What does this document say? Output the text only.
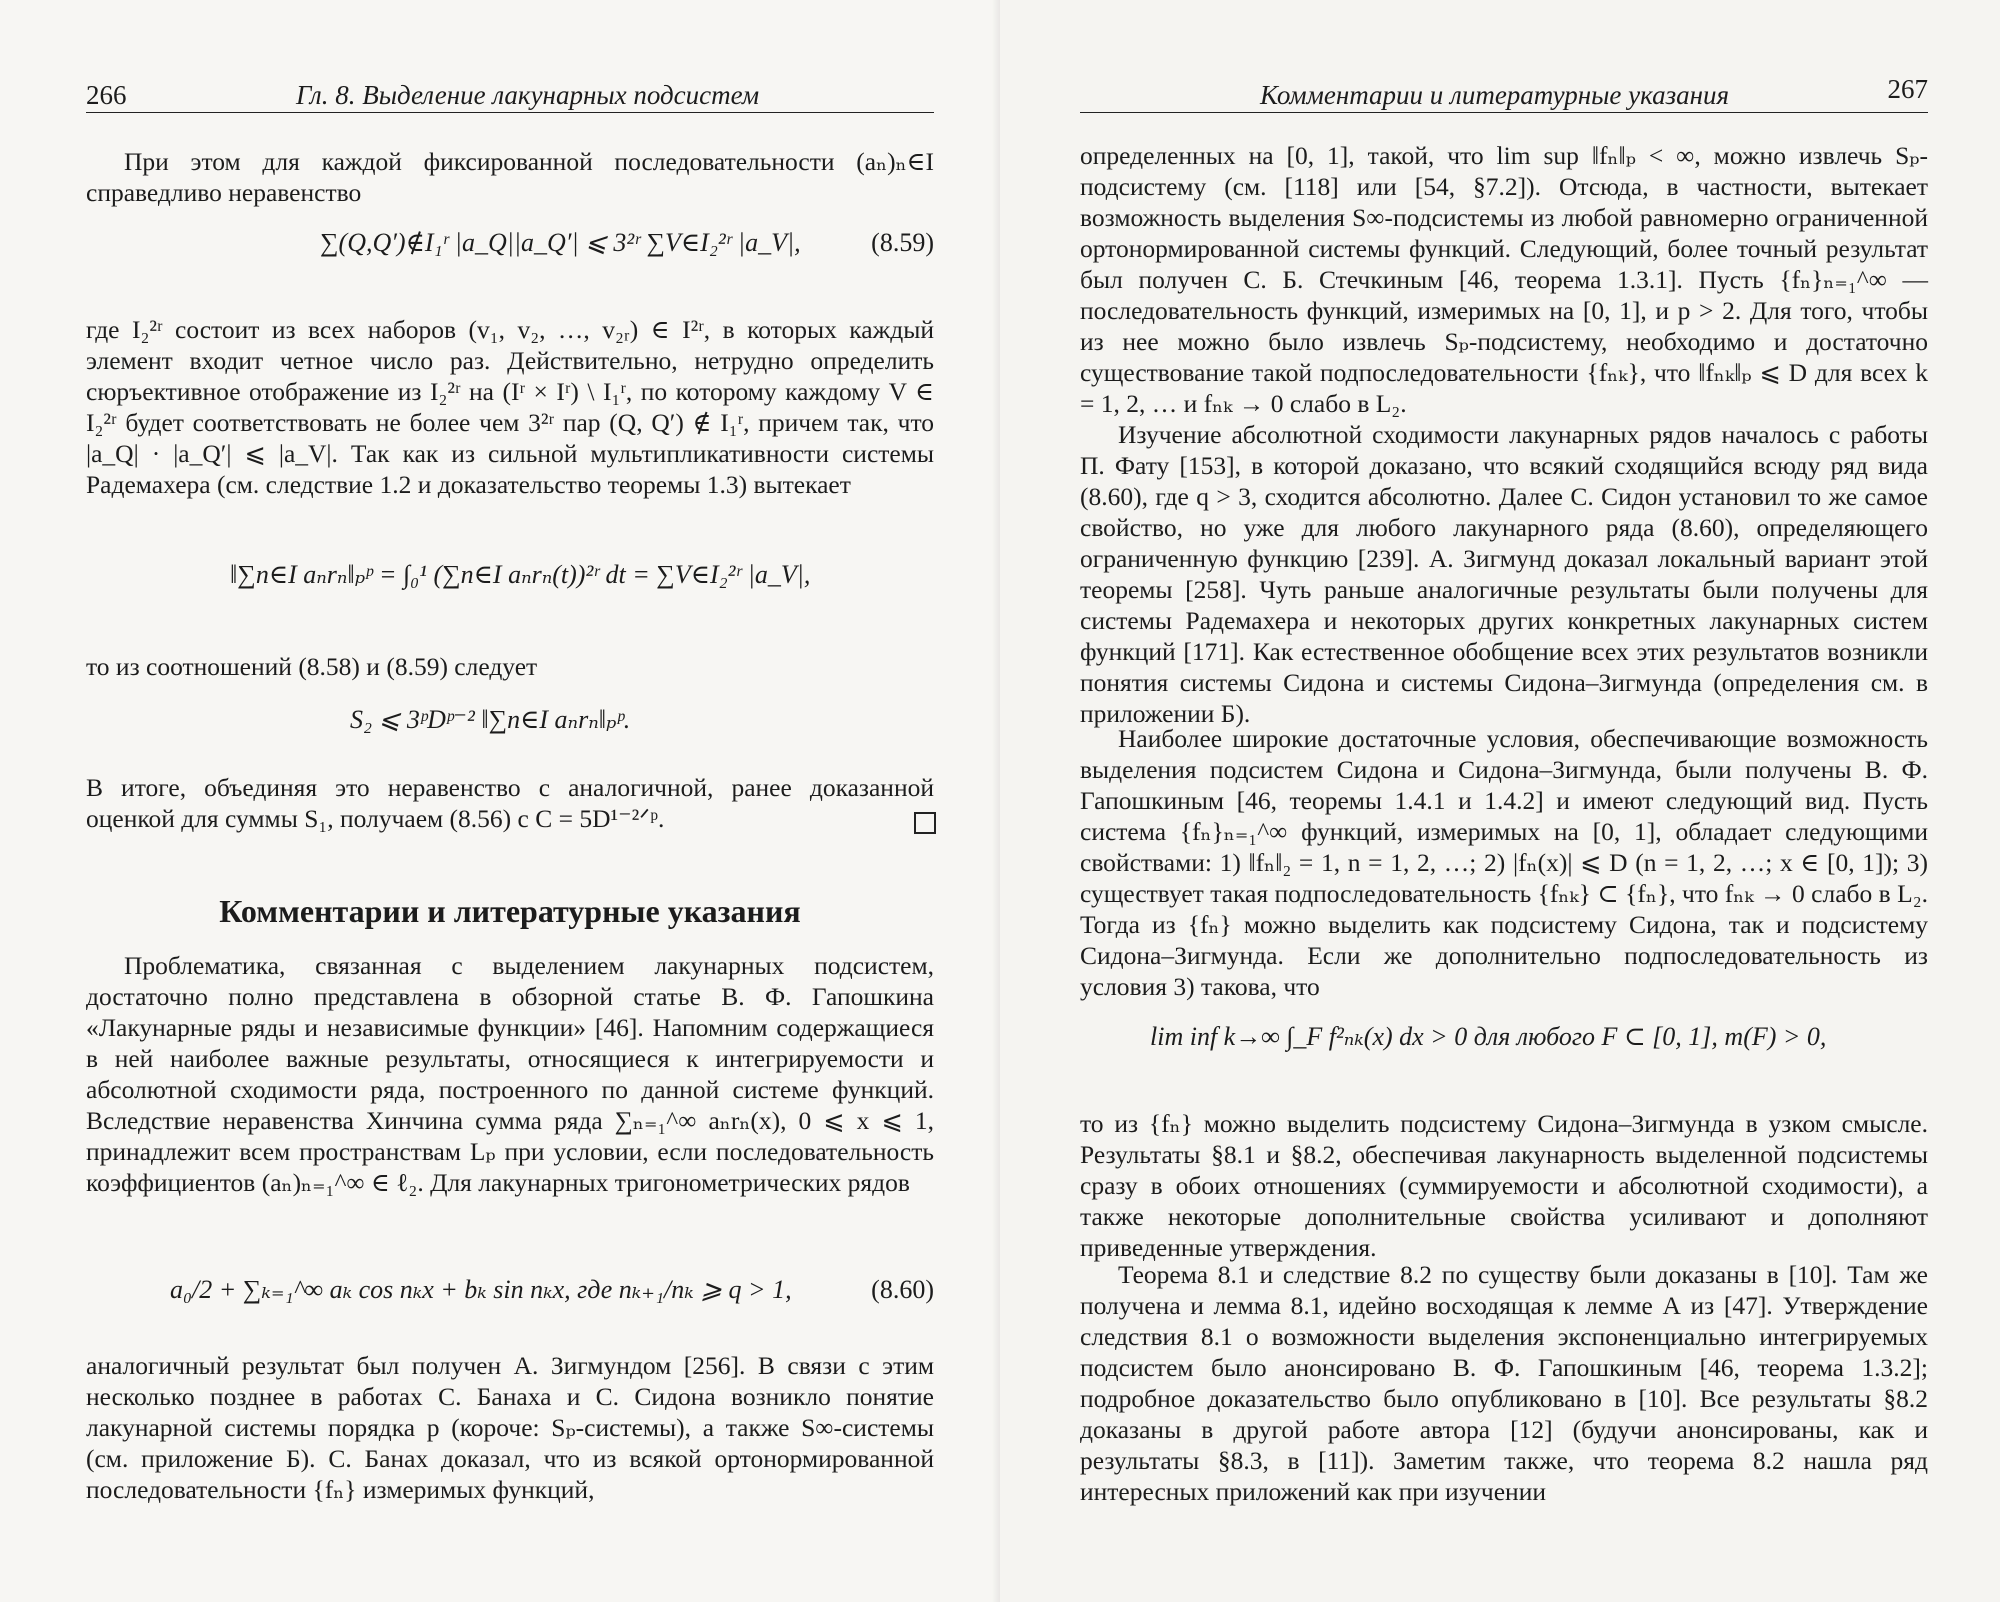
266	Гл. 8. Выделение лакунарных подсистем

При этом для каждой фиксированной последовательности (aₙ)ₙ∈I справедливо неравенство

∑(Q,Q′)∉I₁ʳ |a_Q||a_Q′| ⩽ 3²ʳ ∑V∈I₂²ʳ |a_V|,	(8.59)

где I₂²ʳ состоит из всех наборов (v₁, v₂, …, v₂ᵣ) ∈ I²ʳ, в которых каждый элемент входит четное число раз. Действительно, нетрудно определить сюръективное отображение из I₂²ʳ на (Iʳ × Iʳ) \ I₁ʳ, по которому каждому V ∈ I₂²ʳ будет соответствовать не более чем 3²ʳ пар (Q, Q′) ∉ I₁ʳ, причем так, что |a_Q| · |a_Q′| ⩽ |a_V|. Так как из сильной мультипликативности системы Радемахера (см. следствие 1.2 и доказательство теоремы 1.3) вытекает

‖∑n∈I aₙrₙ‖ₚᵖ = ∫₀¹ (∑n∈I aₙrₙ(t))²ʳ dt = ∑V∈I₂²ʳ |a_V|,

то из соотношений (8.58) и (8.59) следует

S₂ ⩽ 3ᵖDᵖ⁻² ‖∑n∈I aₙrₙ‖ₚᵖ.

В итоге, объединяя это неравенство с аналогичной, ранее доказанной оценкой для суммы S₁, получаем (8.56) с C = 5D¹⁻²ᐟᵖ.

Комментарии и литературные указания

Проблематика, связанная с выделением лакунарных подсистем, достаточно полно представлена в обзорной статье В. Ф. Гапошкина «Лакунарные ряды и независимые функции» [46]. Напомним содержащиеся в ней наиболее важные результаты, относящиеся к интегрируемости и абсолютной сходимости ряда, построенного по данной системе функций. Вследствие неравенства Хинчина сумма ряда ∑ₙ₌₁^∞ aₙrₙ(x), 0 ⩽ x ⩽ 1, принадлежит всем пространствам Lₚ при условии, если последовательность коэффициентов (aₙ)ₙ₌₁^∞ ∈ ℓ₂. Для лакунарных тригонометрических рядов

a₀/2 + ∑ₖ₌₁^∞ aₖ cos nₖx + bₖ sin nₖx, где nₖ₊₁/nₖ ⩾ q > 1,	(8.60)

аналогичный результат был получен А. Зигмундом [256]. В связи с этим несколько позднее в работах С. Банаха и С. Сидона возникло понятие лакунарной системы порядка p (короче: Sₚ-системы), а также S∞-системы (см. приложение Б). С. Банах доказал, что из всякой ортонормированной последовательности {fₙ} измеримых функций,

Комментарии и литературные указания	267

определенных на [0, 1], такой, что lim sup ‖fₙ‖ₚ < ∞, можно извлечь Sₚ-подсистему (см. [118] или [54, §7.2]). Отсюда, в частности, вытекает возможность выделения S∞-подсистемы из любой равномерно ограниченной ортонормированной системы функций. Следующий, более точный результат был получен С. Б. Стечкиным [46, теорема 1.3.1]. Пусть {fₙ}ₙ₌₁^∞ — последовательность функций, измеримых на [0, 1], и p > 2. Для того, чтобы из нее можно было извлечь Sₚ-подсистему, необходимо и достаточно существование такой подпоследовательности {fₙₖ}, что ‖fₙₖ‖ₚ ⩽ D для всех k = 1, 2, … и fₙₖ → 0 слабо в L₂.

Изучение абсолютной сходимости лакунарных рядов началось с работы П. Фату [153], в которой доказано, что всякий сходящийся всюду ряд вида (8.60), где q > 3, сходится абсолютно. Далее С. Сидон установил то же самое свойство, но уже для любого лакунарного ряда (8.60), определяющего ограниченную функцию [239]. А. Зигмунд доказал локальный вариант этой теоремы [258]. Чуть раньше аналогичные результаты были получены для системы Радемахера и некоторых других конкретных лакунарных систем функций [171]. Как естественное обобщение всех этих результатов возникли понятия системы Сидона и системы Сидона–Зигмунда (определения см. в приложении Б).

Наиболее широкие достаточные условия, обеспечивающие возможность выделения подсистем Сидона и Сидона–Зигмунда, были получены В. Ф. Гапошкиным [46, теоремы 1.4.1 и 1.4.2] и имеют следующий вид. Пусть система {fₙ}ₙ₌₁^∞ функций, измеримых на [0, 1], обладает следующими свойствами: 1) ‖fₙ‖₂ = 1, n = 1, 2, …; 2) |fₙ(x)| ⩽ D (n = 1, 2, …; x ∈ [0, 1]); 3) существует такая подпоследовательность {fₙₖ} ⊂ {fₙ}, что fₙₖ → 0 слабо в L₂. Тогда из {fₙ} можно выделить как подсистему Сидона, так и подсистему Сидона–Зигмунда. Если же дополнительно подпоследовательность из условия 3) такова, что

lim inf k→∞ ∫_F f²ₙₖ(x) dx > 0 для любого F ⊂ [0, 1], m(F) > 0,

то из {fₙ} можно выделить подсистему Сидона–Зигмунда в узком смысле. Результаты §8.1 и §8.2, обеспечивая лакунарность выделенной подсистемы сразу в обоих отношениях (суммируемости и абсолютной сходимости), а также некоторые дополнительные свойства усиливают и дополняют приведенные утверждения.

Теорема 8.1 и следствие 8.2 по существу были доказаны в [10]. Там же получена и лемма 8.1, идейно восходящая к лемме А из [47]. Утверждение следствия 8.1 о возможности выделения экспоненциально интегрируемых подсистем было анонсировано В. Ф. Гапошкиным [46, теорема 1.3.2]; подробное доказательство было опубликовано в [10]. Все результаты §8.2 доказаны в другой работе автора [12] (будучи анонсированы, как и результаты §8.3, в [11]). Заметим также, что теорема 8.2 нашла ряд интересных приложений как при изучении
